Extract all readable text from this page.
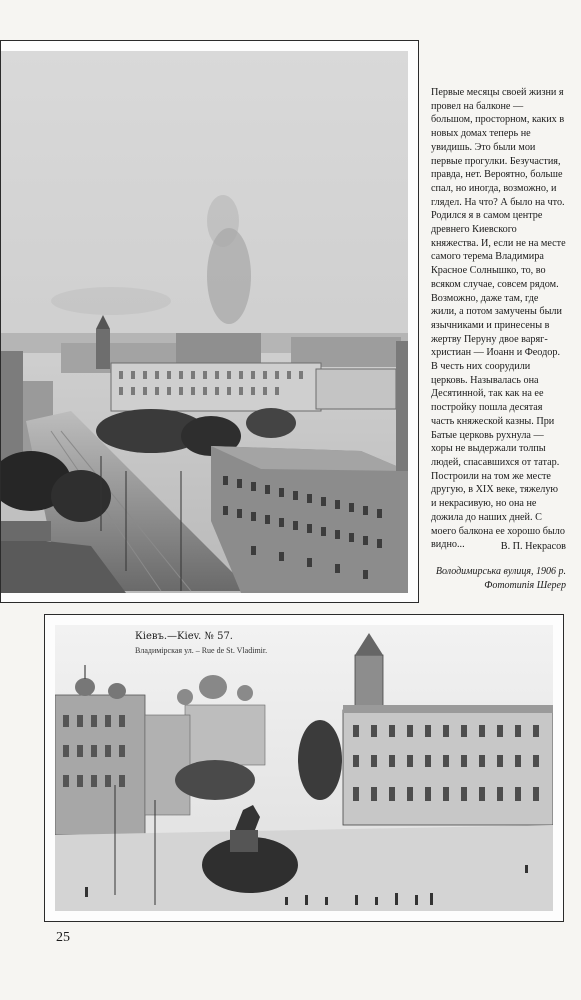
Первые месяцы своей жизни я провел на балконе — большом, просторном, каких в новых домах теперь не увидишь. Это были мои первые прогулки. Безучастия, правда, нет. Вероятно, больше спал, но иногда, возможно, и глядел. На что? А было на что.

Родился я в самом центре древнего Киевского княжества. И, если не на месте самого терема Владимира Красное Солнышко, то, во всяком случае, совсем рядом. Возможно, даже там, где жили, а потом замучены были язычниками и принесены в жертву Перуну двое варяг-христиан — Иоанн и Феодор. В честь них соорудили церковь. Называлась она Десятинной, так как на ее постройку пошла десятая часть княжеской казны. При Батые церковь рухнула — хоры не выдержали толпы людей, спасавшихся от татар. Построили на том же месте другую, в XIX веке, тяжелую и некрасивую, но она не дожила до наших дней. С моего балкона ее хорошо было видно...	В. П. Некрасов
Володимирська вулиця, 1906 р.
Фототипія Шерер
Кiевъ.—Kiev. № 57.
Владимірская ул. – Rue de St. Vladimir.
25
